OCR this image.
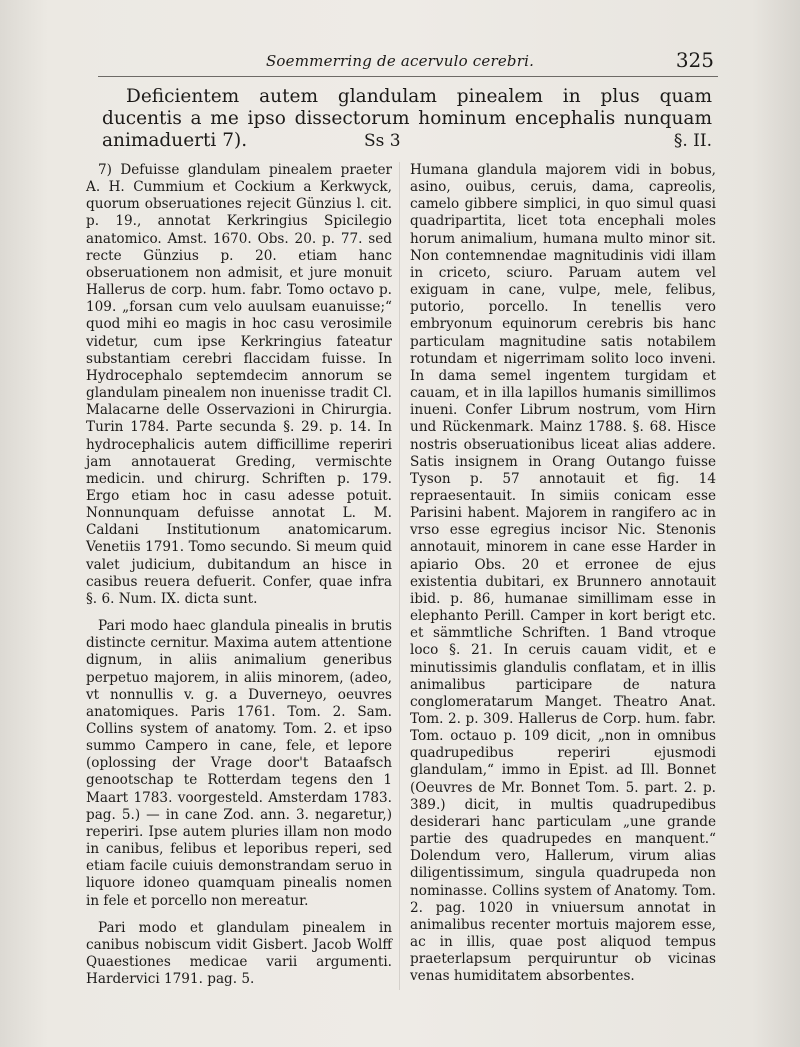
Soemmerring de acervulo cerebri.	325
Deficientem autem glandulam pinealem in plus quam ducentis a me ipso dissectorum hominum encephalis nunquam animaduerti 7).	Ss 3	§. II.

7) Defuisse glandulam pinealem praeter A. H. Cummium et Cockium a Kerkwyck, quorum obseruationes rejecit Günzius l. cit. p. 19., annotat Kerkringius Spicilegio anatomico. Amst. 1670. Obs. 20. p. 77. sed recte Günzius p. 20. etiam hanc obseruationem non admisit, et jure monuit Hallerus de corp. hum. fabr. Tomo octavo p. 109. „forsan cum velo auulsam euanuisse;“ quod mihi eo magis in hoc casu verosimile videtur, cum ipse Kerkringius fateatur substantiam cerebri flaccidam fuisse. In Hydrocephalo septemdecim annorum se glandulam pinealem non inuenisse tradit Cl. Malacarne delle Osservazioni in Chirurgia. Turin 1784. Parte secunda §. 29. p. 14. In hydrocephalicis autem difficillime reperiri jam annotauerat Greding, vermischte medicin. und chirurg. Schriften p. 179. Ergo etiam hoc in casu adesse potuit. Nonnunquam defuisse annotat L. M. Caldani Institutionum anatomicarum. Venetiis 1791. Tomo secundo. Si meum quid valet judicium, dubitandum an hisce in casibus reuera defuerit. Confer, quae infra §. 6. Num. IX. dicta sunt.

Pari modo haec glandula pinealis in brutis distincte cernitur. Maxima autem attentione dignum, in aliis animalium generibus perpetuo majorem, in aliis minorem, (adeo, vt nonnullis v. g. a Duverneyo, oeuvres anatomiques. Paris 1761. Tom. 2. Sam. Collins system of anatomy. Tom. 2. et ipso summo Campero in cane, fele, et lepore (oplossing der Vrage door't Bataafsch genootschap te Rotterdam tegens den 1 Maart 1783. voorgesteld. Amsterdam 1783. pag. 5.) — in cane Zod. ann. 3. negaretur,) reperiri. Ipse autem pluries illam non modo in canibus, felibus et leporibus reperi, sed etiam facile cuiuis demonstrandam seruo in liquore idoneo quamquam pinealis nomen in fele et porcello non mereatur.

Pari modo et glandulam pinealem in canibus nobiscum vidit Gisbert. Jacob Wolff Quaestiones medicae varii argumenti. Hardervici 1791. pag. 5.

Humana glandula majorem vidi in bobus, asino, ouibus, ceruis, dama, capreolis, camelo gibbere simplici, in quo simul quasi quadripartita, licet tota encephali moles horum animalium, humana multo minor sit. Non contemnendae magnitudinis vidi illam in criceto, sciuro. Paruam autem vel exiguam in cane, vulpe, mele, felibus, putorio, porcello. In tenellis vero embryonum equinorum cerebris bis hanc particulam magnitudine satis notabilem rotundam et nigerrimam solito loco inveni. In dama semel ingentem turgidam et cauam, et in illa lapillos humanis simillimos inueni. Confer Librum nostrum, vom Hirn und Rückenmark. Mainz 1788. §. 68. Hisce nostris obseruationibus liceat alias addere. Satis insignem in Orang Outango fuisse Tyson p. 57 annotauit et fig. 14 repraesentauit. In simiis conicam esse Parisini habent. Majorem in rangifero ac in vrso esse egregius incisor Nic. Stenonis annotauit, minorem in cane esse Harder in apiario Obs. 20 et erronee de ejus existentia dubitari, ex Brunnero annotauit ibid. p. 86, humanae simillimam esse in elephanto Perill. Camper in kort berigt etc. et sämmtliche Schriften. 1 Band vtroque loco §. 21. In ceruis cauam vidit, et e minutissimis glandulis conflatam, et in illis animalibus participare de natura conglomeratarum Manget. Theatro Anat. Tom. 2. p. 309. Hallerus de Corp. hum. fabr. Tom. octauo p. 109 dicit, „non in omnibus quadrupedibus reperiri ejusmodi glandulam,“ immo in Epist. ad Ill. Bonnet (Oeuvres de Mr. Bonnet Tom. 5. part. 2. p. 389.) dicit, in multis quadrupedibus desiderari hanc particulam „une grande partie des quadrupedes en manquent.“ Dolendum vero, Hallerum, virum alias diligentissimum, singula quadrupeda non nominasse. Collins system of Anatomy. Tom. 2. pag. 1020 in vniuersum annotat in animalibus recenter mortuis majorem esse, ac in illis, quae post aliquod tempus praeterlapsum perquiruntur ob vicinas venas humiditatem absorbentes.
